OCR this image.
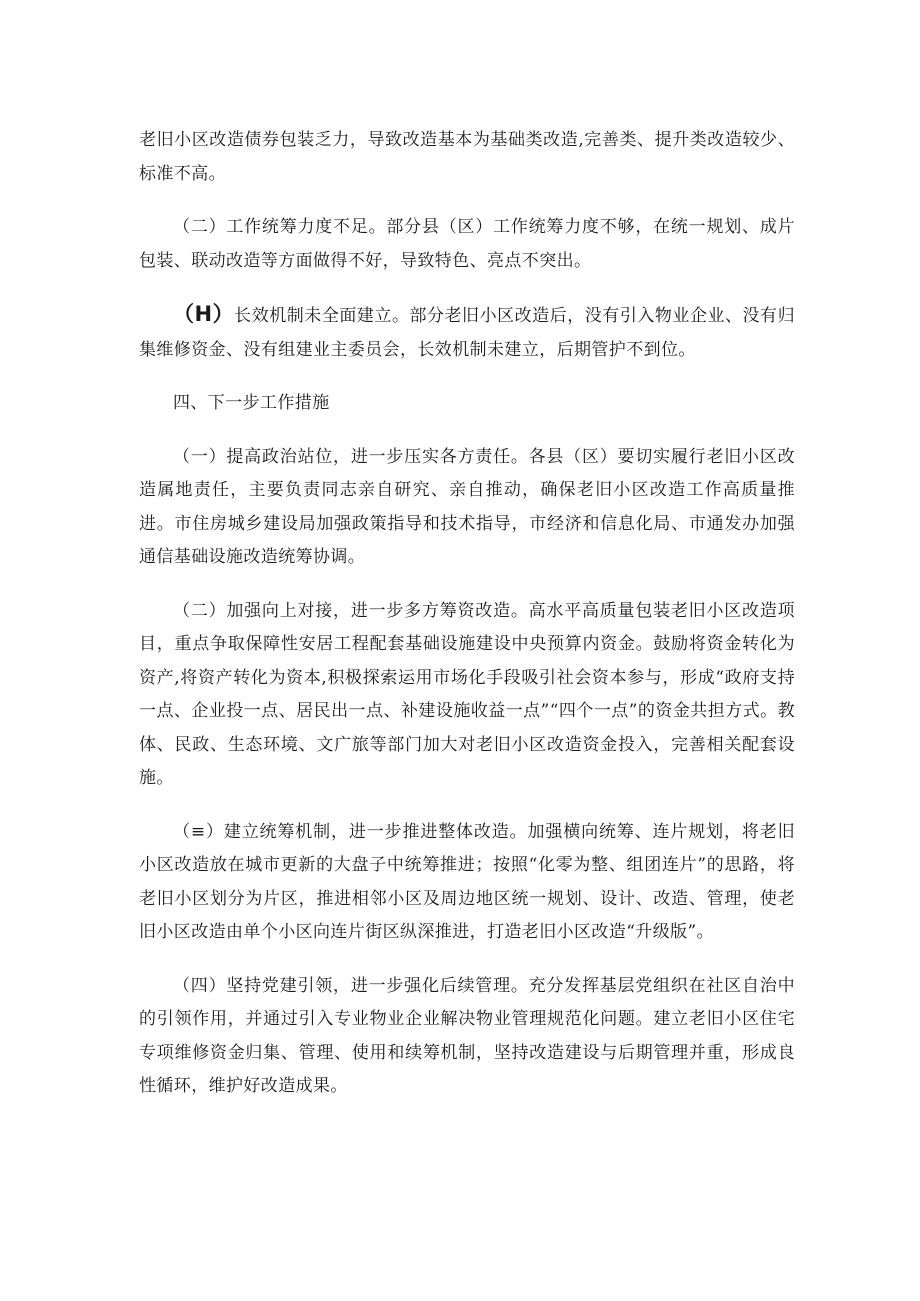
老旧小区改造债券包装乏力，导致改造基本为基础类改造,完善类、提升类改造较少、标准不高。

（二）工作统筹力度不足。部分县（区）工作统筹力度不够，在统一规划、成片包装、联动改造等方面做得不好，导致特色、亮点不突出。

（H）长效机制未全面建立。部分老旧小区改造后，没有引入物业企业、没有归集维修资金、没有组建业主委员会，长效机制未建立，后期管护不到位。

四、下一步工作措施

（一）提高政治站位，进一步压实各方责任。各县（区）要切实履行老旧小区改造属地责任，主要负责同志亲自研究、亲自推动，确保老旧小区改造工作高质量推进。市住房城乡建设局加强政策指导和技术指导，市经济和信息化局、市通发办加强通信基础设施改造统筹协调。

（二）加强向上对接，进一步多方筹资改造。高水平高质量包装老旧小区改造项目，重点争取保障性安居工程配套基础设施建设中央预算内资金。鼓励将资金转化为资产,将资产转化为资本,积极探索运用市场化手段吸引社会资本参与，形成“政府支持一点、企业投一点、居民出一点、补建设施收益一点”“四个一点”的资金共担方式。教体、民政、生态环境、文广旅等部门加大对老旧小区改造资金投入，完善相关配套设施。

（≡）建立统筹机制，进一步推进整体改造。加强横向统筹、连片规划，将老旧小区改造放在城市更新的大盘子中统筹推进；按照“化零为整、组团连片”的思路，将老旧小区划分为片区，推进相邻小区及周边地区统一规划、设计、改造、管理，使老旧小区改造由单个小区向连片街区纵深推进，打造老旧小区改造“升级版”。

（四）坚持党建引领，进一步强化后续管理。充分发挥基层党组织在社区自治中的引领作用，并通过引入专业物业企业解决物业管理规范化问题。建立老旧小区住宅专项维修资金归集、管理、使用和续筹机制，坚持改造建设与后期管理并重，形成良性循环，维护好改造成果。
